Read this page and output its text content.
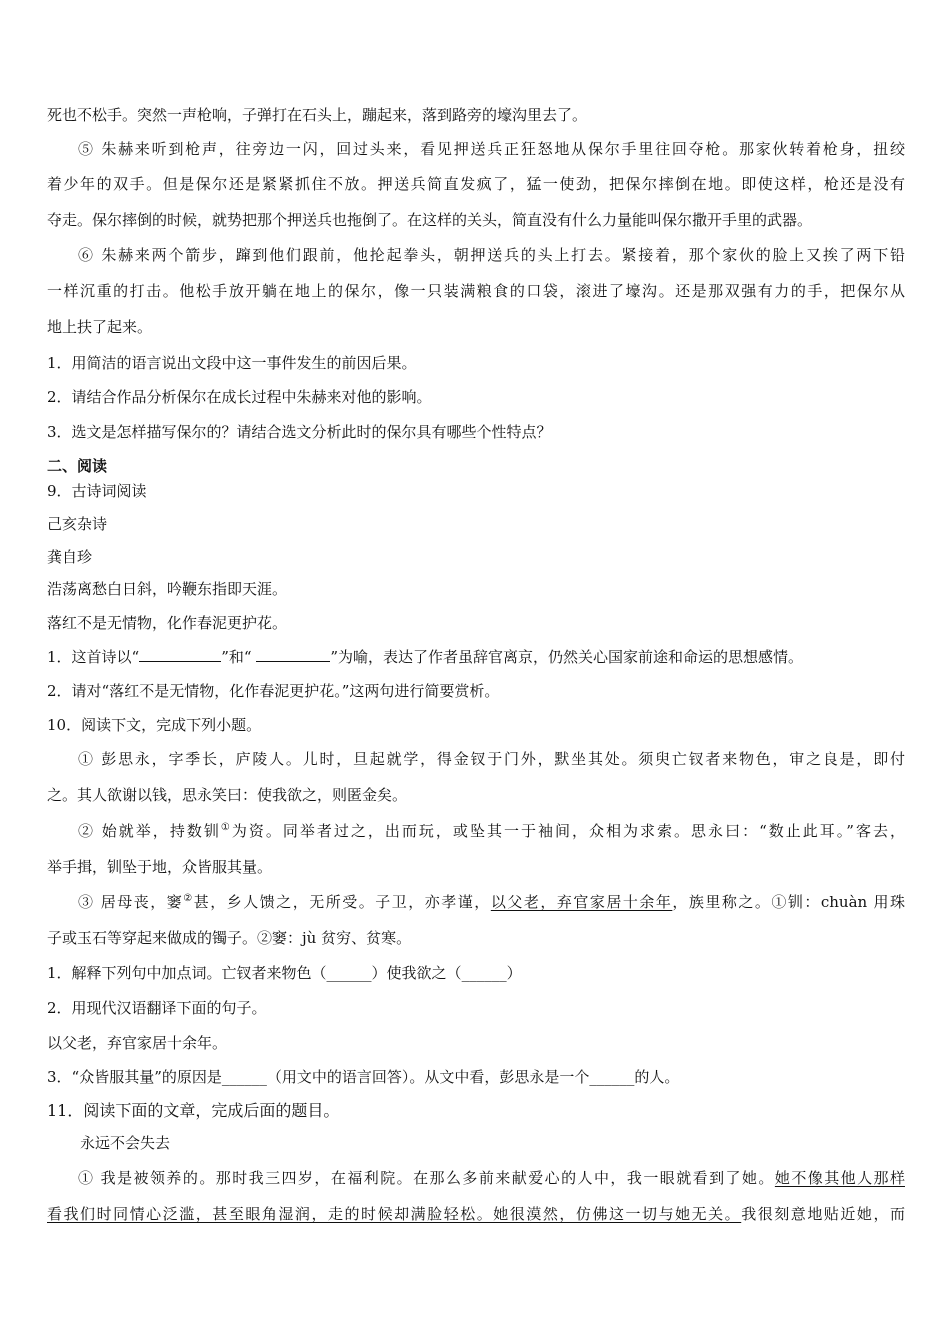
死也不松手。突然一声枪响，子弹打在石头上，蹦起来，落到路旁的壕沟里去了。
⑤ 朱赫来听到枪声，往旁边一闪，回过头来，看见押送兵正狂怒地从保尔手里往回夺枪。那家伙转着枪身，扭绞
着少年的双手。但是保尔还是紧紧抓住不放。押送兵简直发疯了，猛一使劲，把保尔摔倒在地。即使这样，枪还是没有
夺走。保尔摔倒的时候，就势把那个押送兵也拖倒了。在这样的关头，简直没有什么力量能叫保尔撒开手里的武器。
⑥ 朱赫来两个箭步，蹿到他们跟前，他抡起拳头，朝押送兵的头上打去。紧接着，那个家伙的脸上又挨了两下铅
一样沉重的打击。他松手放开躺在地上的保尔，像一只装满粮食的口袋，滚进了壕沟。还是那双强有力的手，把保尔从
地上扶了起来。
1．用简洁的语言说出文段中这一事件发生的前因后果。
2．请结合作品分析保尔在成长过程中朱赫来对他的影响。
3．选文是怎样描写保尔的？请结合选文分析此时的保尔具有哪些个性特点？
二、阅读
9．古诗词阅读
己亥杂诗
龚自珍
浩荡离愁白日斜，吟鞭东指即天涯。
落红不是无情物，化作春泥更护花。
1．这首诗以“	”和“	”为喻，表达了作者虽辞官离京，仍然关心国家前途和命运的思想感情。
2．请对“落红不是无情物，化作春泥更护花。”这两句进行简要赏析。
10．阅读下文，完成下列小题。
① 彭思永，字季长，庐陵人。儿时，旦起就学，得金钗于门外，默坐其处。须臾亡钗者来物色，审之良是，即付
之。其人欲谢以钱，思永笑曰：使我欲之，则匿金矣。
② 始就举，持数钏①为资。同举者过之，出而玩，或坠其一于袖间，众相为求索。思永曰：“数止此耳。”客去，
举手揖，钏坠于地，众皆服其量。
③ 居母丧，窭②甚，乡人馈之，无所受。子卫，亦孝谨，以父老，弃官家居十余年，族里称之。①钏：chuàn 用珠
子或玉石等穿起来做成的镯子。②窭：jù 贫穷、贫寒。
1．解释下列句中加点词。亡钗者来物色（______）使我欲之（______）
2．用现代汉语翻译下面的句子。
以父老，弃官家居十余年。
3．“众皆服其量”的原因是______（用文中的语言回答）。从文中看，彭思永是一个______的人。
11．阅读下面的文章，完成后面的题目。
永远不会失去
① 我是被领养的。那时我三四岁，在福利院。在那么多前来献爱心的人中，我一眼就看到了她。她不像其他人那样
看我们时同情心泛滥，甚至眼角湿润，走的时候却满脸轻松。她很漠然，仿佛这一切与她无关。我很刻意地贴近她，而
